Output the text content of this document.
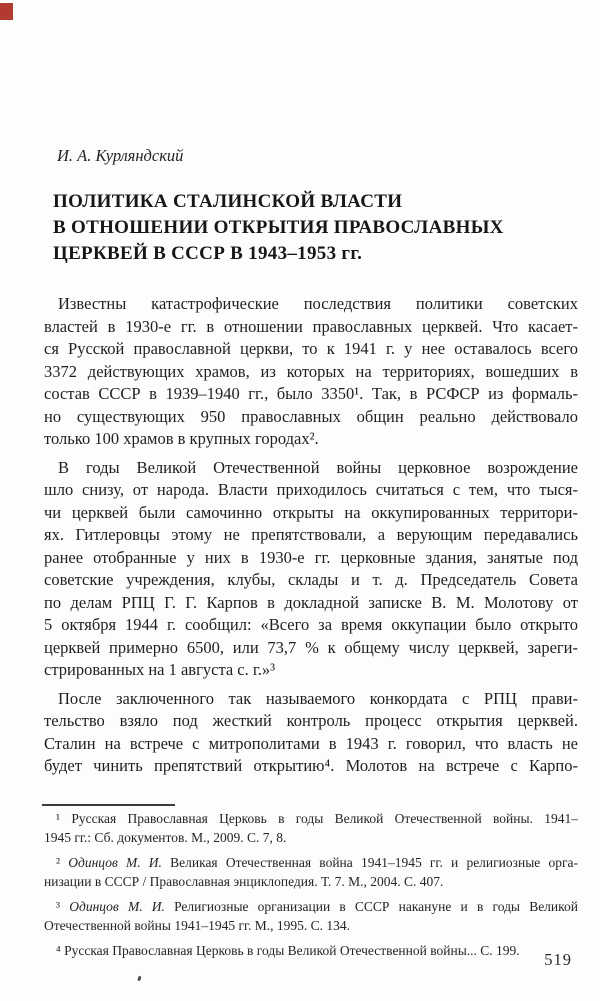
И. А. Курляндский
ПОЛИТИКА СТАЛИНСКОЙ ВЛАСТИ
В ОТНОШЕНИИ ОТКРЫТИЯ ПРАВОСЛАВНЫХ
ЦЕРКВЕЙ В СССР В 1943–1953 гг.
Известны катастрофические последствия политики советских
властей в 1930-е гг. в отношении православных церквей. Что касает-
ся Русской православной церкви, то к 1941 г. у нее оставалось всего
3372 действующих храмов, из которых на территориях, вошедших в
состав СССР в 1939–1940 гг., было 3350¹. Так, в РСФСР из формаль-
но существующих 950 православных общин реально действовало
только 100 храмов в крупных городах².
В годы Великой Отечественной войны церковное возрождение
шло снизу, от народа. Власти приходилось считаться с тем, что тыся-
чи церквей были самочинно открыты на оккупированных территори-
ях. Гитлеровцы этому не препятствовали, а верующим передавались
ранее отобранные у них в 1930-е гг. церковные здания, занятые под
советские учреждения, клубы, склады и т. д. Председатель Совета
по делам РПЦ Г. Г. Карпов в докладной записке В. М. Молотову от
5 октября 1944 г. сообщил: «Всего за время оккупации было открыто
церквей примерно 6500, или 73,7 % к общему числу церквей, зареги-
стрированных на 1 августа с. г.»³
После заключенного так называемого конкордата с РПЦ прави-
тельство взяло под жесткий контроль процесс открытия церквей.
Сталин на встрече с митрополитами в 1943 г. говорил, что власть не
будет чинить препятствий открытию⁴. Молотов на встрече с Карпо-
¹ Русская Православная Церковь в годы Великой Отечественной войны. 1941–
1945 гг.: Сб. документов. М., 2009. С. 7, 8.
² Одинцов М. И. Великая Отечественная война 1941–1945 гг. и религиозные орга-
низации в СССР / Православная энциклопедия. Т. 7. М., 2004. С. 407.
³ Одинцов М. И. Религиозные организации в СССР накануне и в годы Великой
Отечественной войны 1941–1945 гг. М., 1995. С. 134.
⁴ Русская Православная Церковь в годы Великой Отечественной войны... С. 199.	519
